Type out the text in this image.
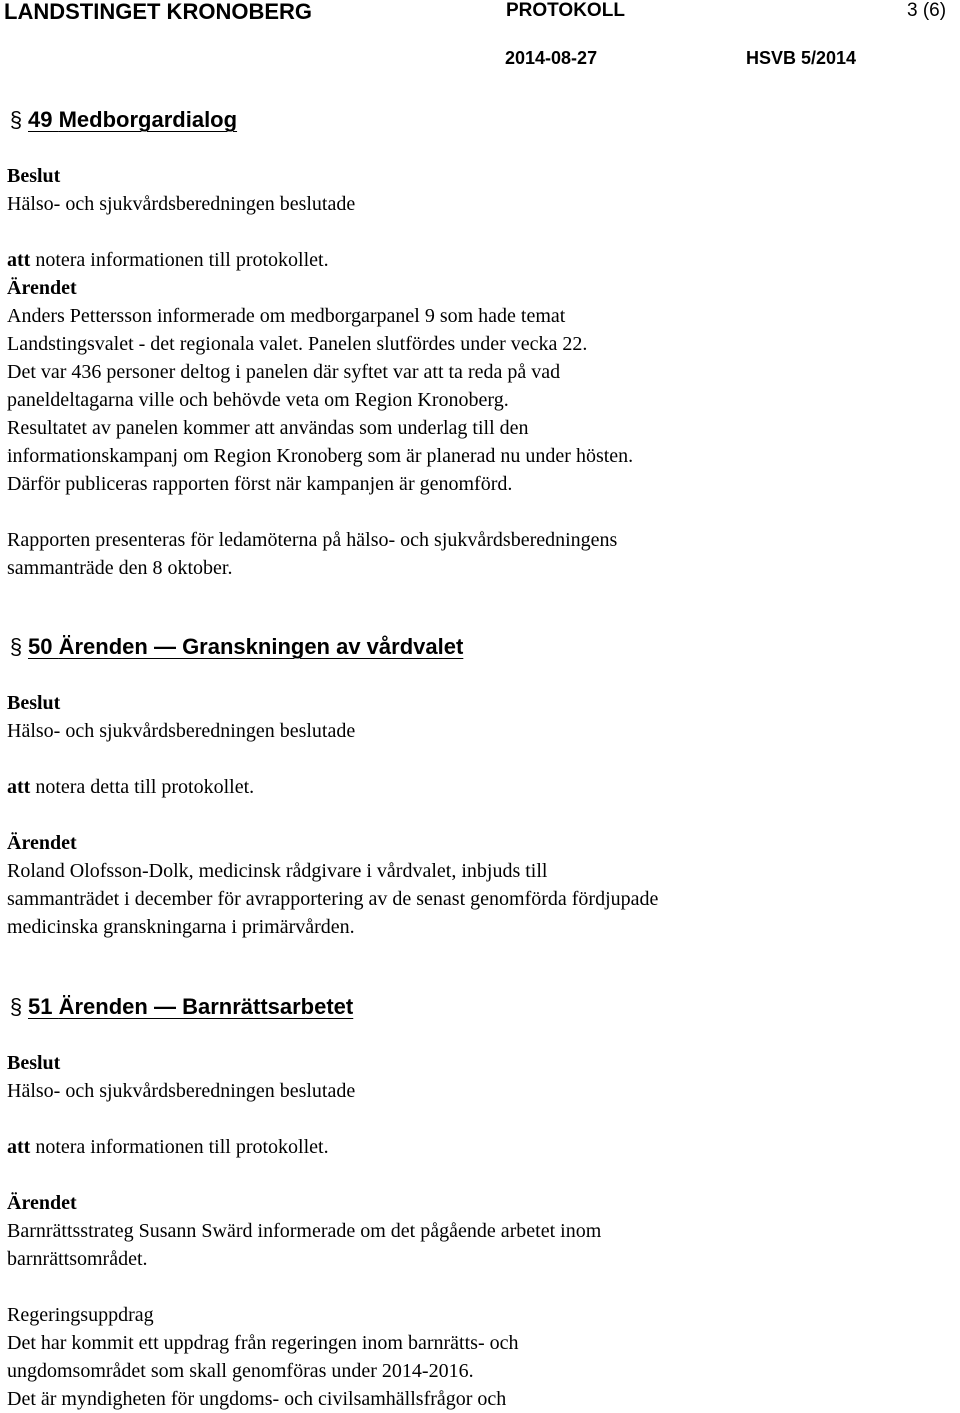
LANDSTINGET KRONOBERG	PROTOKOLL	3 (6)
2014-08-27	HSVB 5/2014
§ 49 Medborgardialog
Beslut
Hälso- och sjukvårdsberedningen beslutade
att notera informationen till protokollet.
Ärendet
Anders Pettersson informerade om medborgarpanel 9 som hade temat
Landstingsvalet - det regionala valet. Panelen slutfördes under vecka 22.
Det var 436 personer deltog i panelen där syftet var att ta reda på vad
paneldeltagarna ville och behövde veta om Region Kronoberg.
Resultatet av panelen kommer att användas som underlag till den
informationskampanj om Region Kronoberg som är planerad nu under hösten.
Därför publiceras rapporten först när kampanjen är genomförd.
Rapporten presenteras för ledamöterna på hälso- och sjukvårdsberedningens
sammanträde den 8 oktober.
§ 50 Ärenden — Granskningen av vårdvalet
Beslut
Hälso- och sjukvårdsberedningen beslutade
att notera detta till protokollet.
Ärendet
Roland Olofsson-Dolk, medicinsk rådgivare i vårdvalet, inbjuds till
sammanträdet i december för avrapportering av de senast genomförda fördjupade
medicinska granskningarna i primärvården.
§ 51 Ärenden — Barnrättsarbetet
Beslut
Hälso- och sjukvårdsberedningen beslutade
att notera informationen till protokollet.
Ärendet
Barnrättsstrateg Susann Swärd informerade om det pågående arbetet inom
barnrättsområdet.
Regeringsuppdrag
Det har kommit ett uppdrag från regeringen inom barnrätts- och
ungdomsområdet som skall genomföras under 2014-2016.
Det är myndigheten för ungdoms- och civilsamhällsfrågor och
